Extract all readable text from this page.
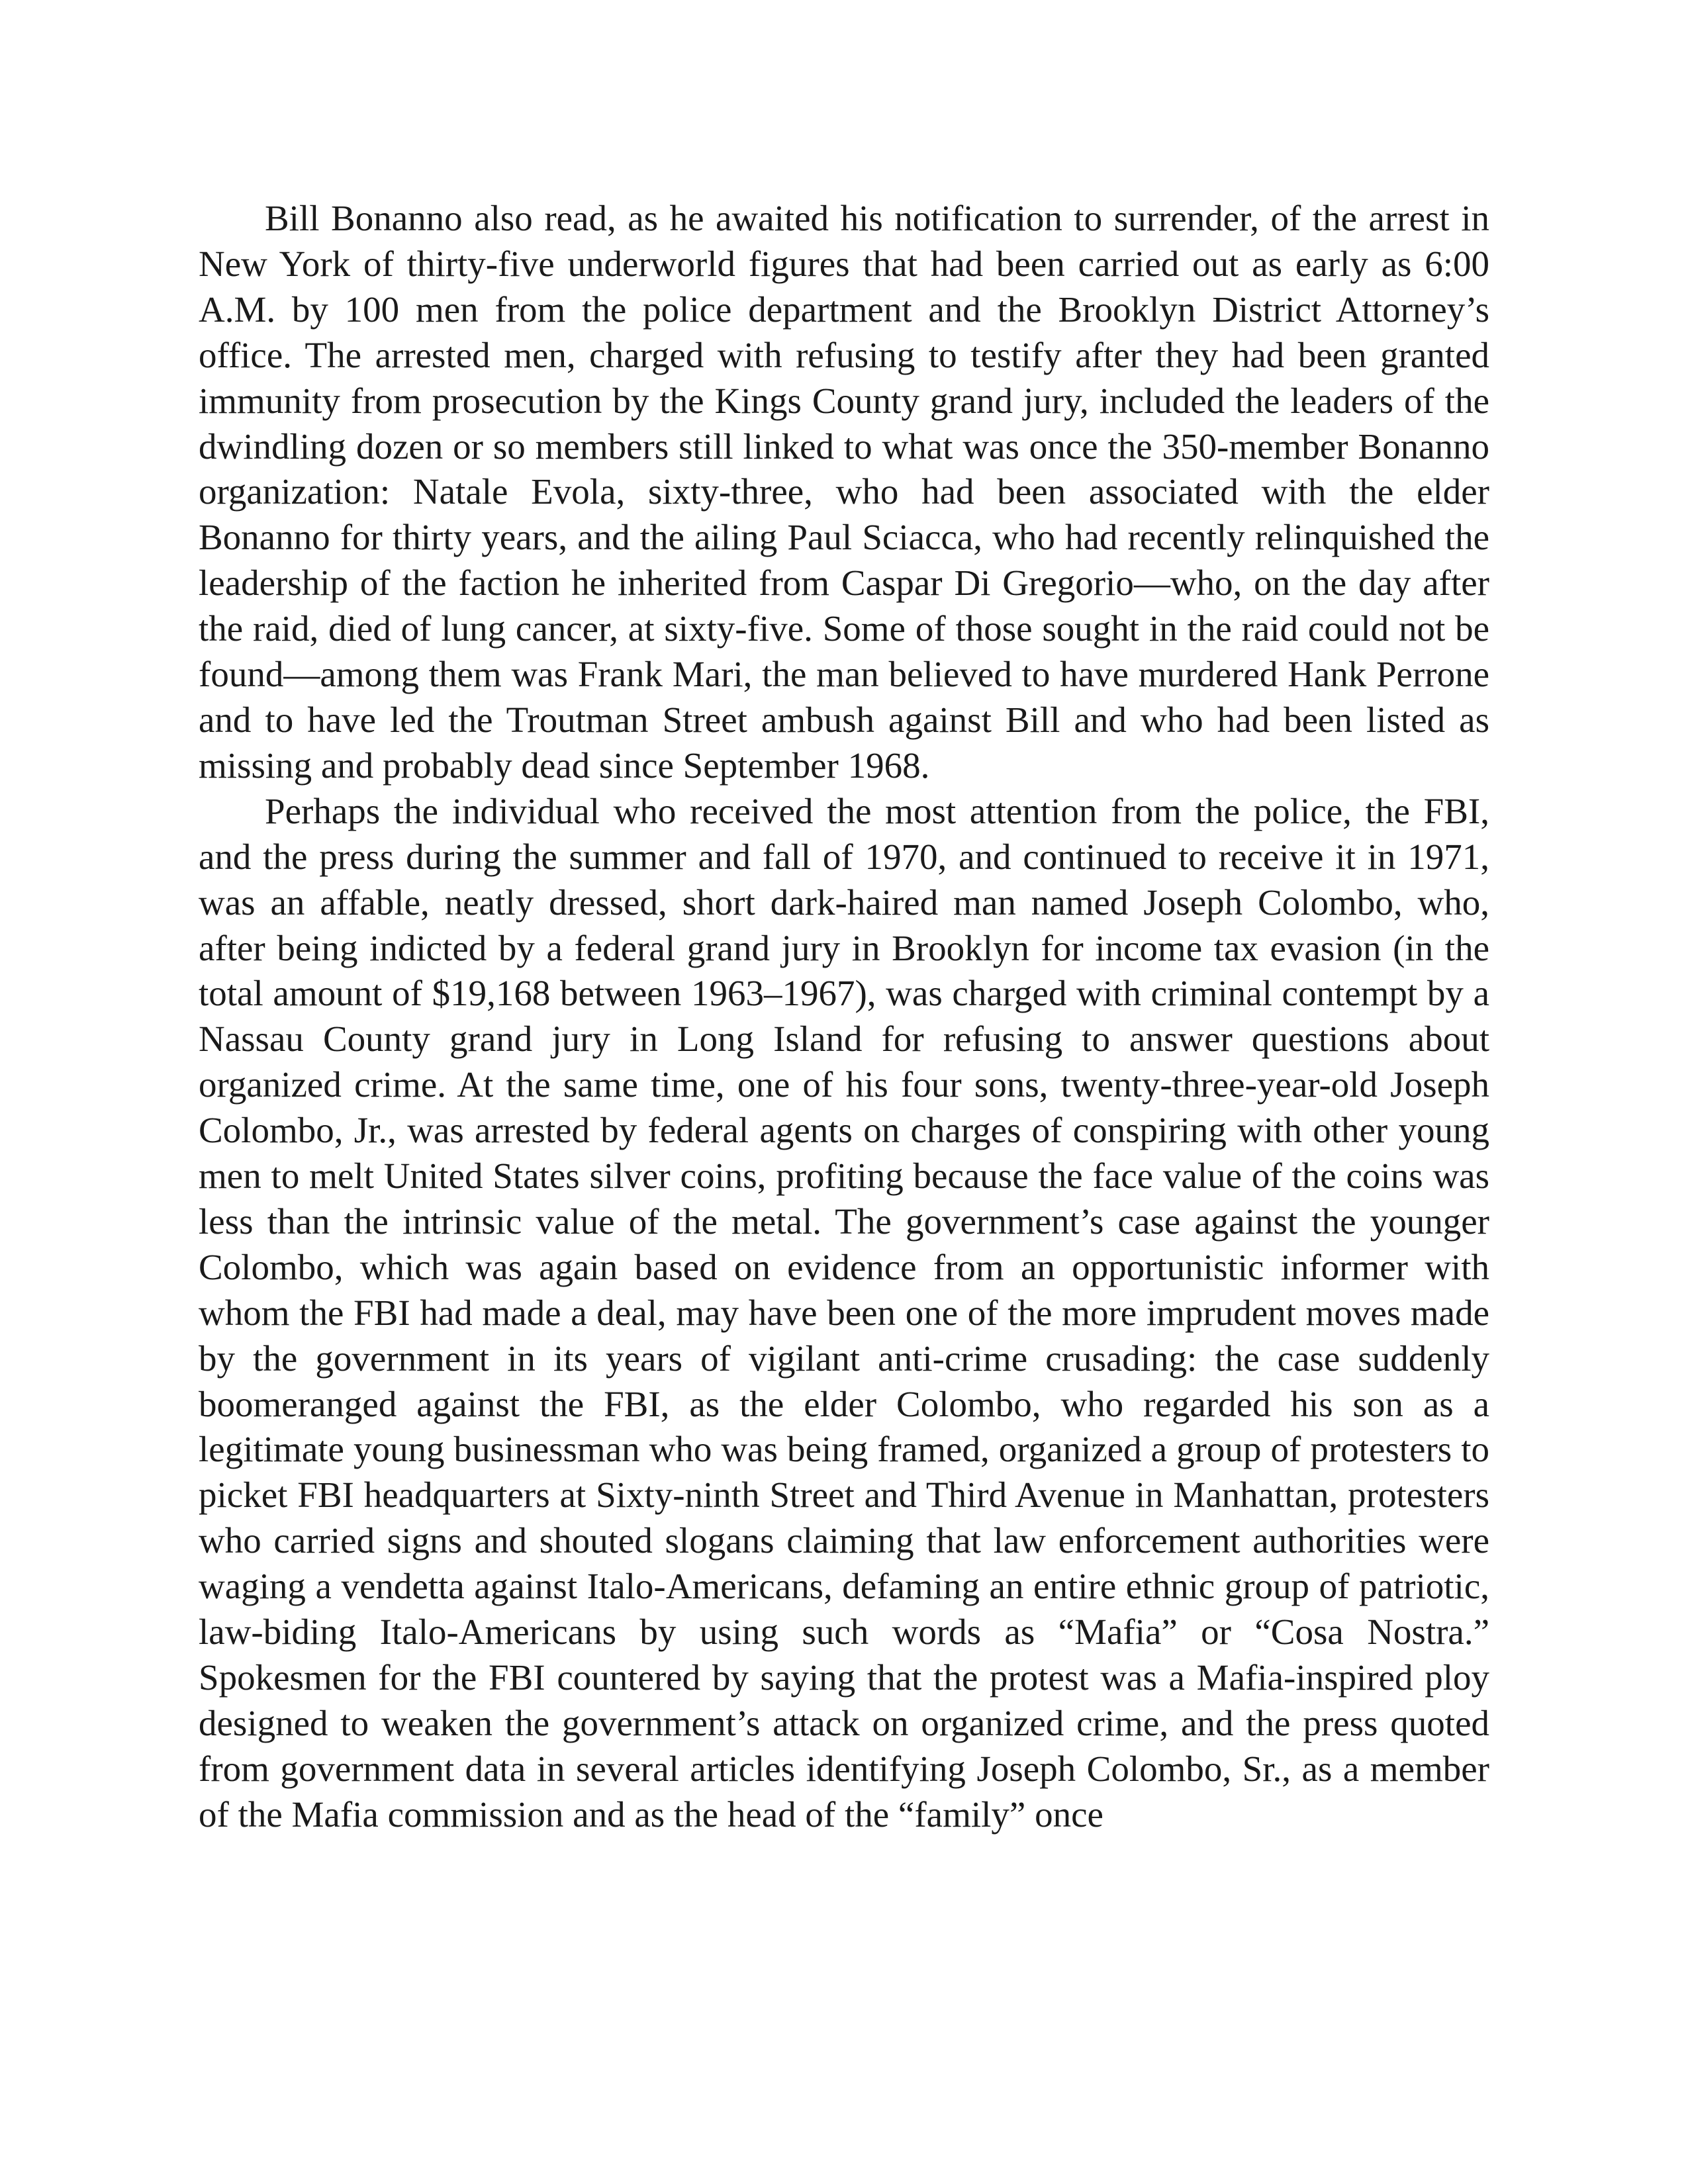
Bill Bonanno also read, as he awaited his notification to surrender, of the arrest in New York of thirty-five underworld figures that had been carried out as early as 6:00 A.M. by 100 men from the police department and the Brooklyn District Attorney’s office. The arrested men, charged with refusing to testify after they had been granted immunity from prosecution by the Kings County grand jury, included the leaders of the dwindling dozen or so members still linked to what was once the 350-member Bonanno organization: Natale Evola, sixty-three, who had been associated with the elder Bonanno for thirty years, and the ailing Paul Sciacca, who had recently relinquished the leadership of the faction he inherited from Caspar Di Gregorio—who, on the day after the raid, died of lung cancer, at sixty-five. Some of those sought in the raid could not be found—among them was Frank Mari, the man believed to have murdered Hank Perrone and to have led the Troutman Street ambush against Bill and who had been listed as missing and probably dead since September 1968.

Perhaps the individual who received the most attention from the police, the FBI, and the press during the summer and fall of 1970, and continued to receive it in 1971, was an affable, neatly dressed, short dark-haired man named Joseph Colombo, who, after being indicted by a federal grand jury in Brooklyn for income tax evasion (in the total amount of $19,168 between 1963–1967), was charged with criminal contempt by a Nassau County grand jury in Long Island for refusing to answer questions about organized crime. At the same time, one of his four sons, twenty-three-year-old Joseph Colombo, Jr., was arrested by federal agents on charges of conspiring with other young men to melt United States silver coins, profiting because the face value of the coins was less than the intrinsic value of the metal. The government’s case against the younger Colombo, which was again based on evidence from an opportunistic informer with whom the FBI had made a deal, may have been one of the more imprudent moves made by the government in its years of vigilant anti-crime crusading: the case suddenly boomeranged against the FBI, as the elder Colombo, who regarded his son as a legitimate young businessman who was being framed, organized a group of protesters to picket FBI headquarters at Sixty-ninth Street and Third Avenue in Manhattan, protesters who carried signs and shouted slogans claiming that law enforcement authorities were waging a vendetta against Italo-Americans, defaming an entire ethnic group of patriotic, law-biding Italo-Americans by using such words as “Mafia” or “Cosa Nostra.” Spokesmen for the FBI countered by saying that the protest was a Mafia-inspired ploy designed to weaken the government’s attack on organized crime, and the press quoted from government data in several articles identifying Joseph Colombo, Sr., as a member of the Mafia commission and as the head of the “family” once
